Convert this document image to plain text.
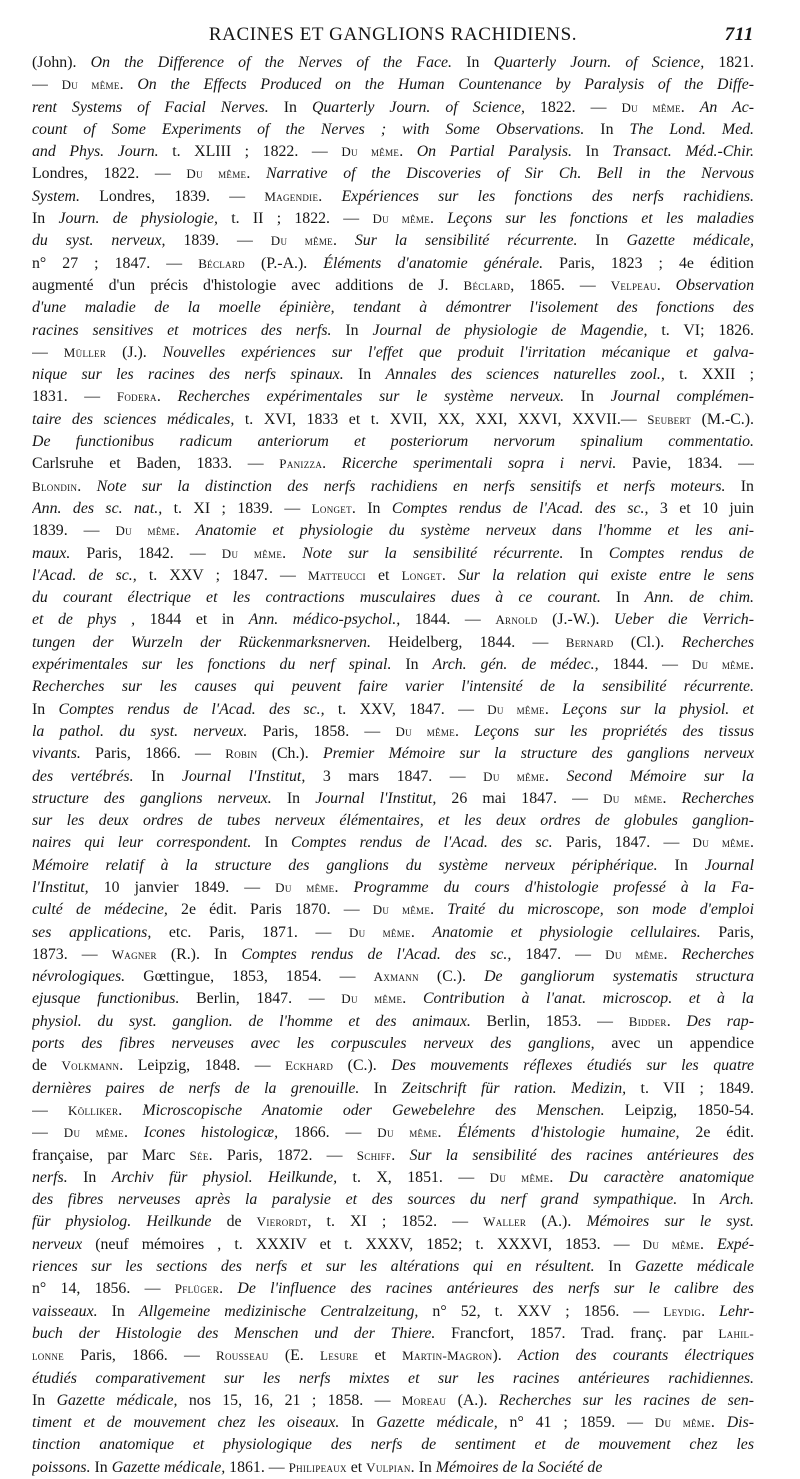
RACINES ET GANGLIONS RACHIDIENS.	711
(John). On the Difference of the Nerves of the Face. In Quarterly Journ. of Science, 1821.
— Du même. On the Effects Produced on the Human Countenance by Paralysis of the Diffe-
rent Systems of Facial Nerves. In Quarterly Journ. of Science, 1822. — Du même. An Ac-
count of Some Experiments of the Nerves ; with Some Observations. In The Lond. Med.
and Phys. Journ. t. XLIII ; 1822. — Du même. On Partial Paralysis. In Transact. Méd.-Chir.
Londres, 1822. — Du même. Narrative of the Discoveries of Sir Ch. Bell in the Nervous
System. Londres, 1839. — Magendie. Expériences sur les fonctions des nerfs rachidiens.
In Journ. de physiologie, t. II ; 1822. — Du même. Leçons sur les fonctions et les maladies
du syst. nerveux, 1839. — Du même. Sur la sensibilité récurrente. In Gazette médicale,
n° 27 ; 1847. — Béclard (P.-A.). Éléments d'anatomie générale. Paris, 1823 ; 4e édition
augmenté d'un précis d'histologie avec additions de J. Béclard, 1865. — Velpeau. Observation
d'une maladie de la moelle épinière, tendant à démontrer l'isolement des fonctions des
racines sensitives et motrices des nerfs. In Journal de physiologie de Magendie, t. VI; 1826.
— Müller (J.). Nouvelles expériences sur l'effet que produit l'irritation mécanique et galva-
nique sur les racines des nerfs spinaux. In Annales des sciences naturelles zool., t. XXII ;
1831. — Fodera. Recherches expérimentales sur le système nerveux. In Journal complémen-
taire des sciences médicales, t. XVI, 1833 et t. XVII, XX, XXI, XXVI, XXVII.— Seubert (M.-C.).
De functionibus radicum anteriorum et posteriorum nervorum spinalium commentatio.
Carlsruhe et Baden, 1833. — Panizza. Ricerche sperimentali sopra i nervi. Pavie, 1834. —
Blondin. Note sur la distinction des nerfs rachidiens en nerfs sensitifs et nerfs moteurs. In
Ann. des sc. nat., t. XI ; 1839. — Longet. In Comptes rendus de l'Acad. des sc., 3 et 10 juin
1839. — Du même. Anatomie et physiologie du système nerveux dans l'homme et les ani-
maux. Paris, 1842. — Du même. Note sur la sensibilité récurrente. In Comptes rendus de
l'Acad. de sc., t. XXV ; 1847. — Matteucci et Longet. Sur la relation qui existe entre le sens
du courant électrique et les contractions musculaires dues à ce courant. In Ann. de chim.
et de phys , 1844 et in Ann. médico-psychol., 1844. — Arnold (J.-W.). Ueber die Verrich-
tungen der Wurzeln der Rückenmarksnerven. Heidelberg, 1844. — Bernard (Cl.). Recherches
expérimentales sur les fonctions du nerf spinal. In Arch. gén. de médec., 1844. — Du même.
Recherches sur les causes qui peuvent faire varier l'intensité de la sensibilité récurrente.
In Comptes rendus de l'Acad. des sc., t. XXV, 1847. — Du même. Leçons sur la physiol. et
la pathol. du syst. nerveux. Paris, 1858. — Du même. Leçons sur les propriétés des tissus
vivants. Paris, 1866. — Robin (Ch.). Premier Mémoire sur la structure des ganglions nerveux
des vertébrés. In Journal l'Institut, 3 mars 1847. — Du même. Second Mémoire sur la
structure des ganglions nerveux. In Journal l'Institut, 26 mai 1847. — Du même. Recherches
sur les deux ordres de tubes nerveux élémentaires, et les deux ordres de globules ganglion-
naires qui leur correspondent. In Comptes rendus de l'Acad. des sc. Paris, 1847. — Du même.
Mémoire relatif à la structure des ganglions du système nerveux périphérique. In Journal
l'Institut, 10 janvier 1849. — Du même. Programme du cours d'histologie professé à la Fa-
culté de médecine, 2e édit. Paris 1870. — Du même. Traité du microscope, son mode d'emploi
ses applications, etc. Paris, 1871. — Du même. Anatomie et physiologie cellulaires. Paris,
1873. — Wagner (R.). In Comptes rendus de l'Acad. des sc., 1847. — Du même. Recherches
névrologiques. Gœttingue, 1853, 1854. — Axmann (C.). De gangliorum systematis structura
ejusque functionibus. Berlin, 1847. — Du même. Contribution à l'anat. microscop. et à la
physiol. du syst. ganglion. de l'homme et des animaux. Berlin, 1853. — Bidder. Des rap-
ports des fibres nerveuses avec les corpuscules nerveux des ganglions, avec un appendice
de Volkmann. Leipzig, 1848. — Eckhard (C.). Des mouvements réflexes étudiés sur les quatre
dernières paires de nerfs de la grenouille. In Zeitschrift für ration. Medizin, t. VII ; 1849.
— Kölliker. Microscopische Anatomie oder Gewebelehre des Menschen. Leipzig, 1850-54.
— Du même. Icones histologicæ, 1866. — Du même. Éléments d'histologie humaine, 2e édit.
française, par Marc Sée. Paris, 1872. — Schiff. Sur la sensibilité des racines antérieures des
nerfs. In Archiv für physiol. Heilkunde, t. X, 1851. — Du même. Du caractère anatomique
des fibres nerveuses après la paralysie et des sources du nerf grand sympathique. In Arch.
für physiolog. Heilkunde de Vierordt, t. XI ; 1852. — Waller (A.). Mémoires sur le syst.
nerveux (neuf mémoires , t. XXXIV et t. XXXV, 1852; t. XXXVI, 1853. — Du même. Expé-
riences sur les sections des nerfs et sur les altérations qui en résultent. In Gazette médicale
n° 14, 1856. — Pflüger. De l'influence des racines antérieures des nerfs sur le calibre des
vaisseaux. In Allgemeine medizinische Centralzeitung, n° 52, t. XXV ; 1856. — Leydig. Lehr-
buch der Histologie des Menschen und der Thiere. Francfort, 1857. Trad. franç. par Lahil-
lonne Paris, 1866. — Rousseau (E. Lesure et Martin-Magron). Action des courants électriques
étudiés comparativement sur les nerfs mixtes et sur les racines antérieures rachidiennes.
In Gazette médicale, nos 15, 16, 21 ; 1858. — Moreau (A.). Recherches sur les racines de sen-
timent et de mouvement chez les oiseaux. In Gazette médicale, n° 41 ; 1859. — Du même. Dis-
tinction anatomique et physiologique des nerfs de sentiment et de mouvement chez les
poissons. In Gazette médicale, 1861. — Philipeaux et Vulpian. In Mémoires de la Société de
